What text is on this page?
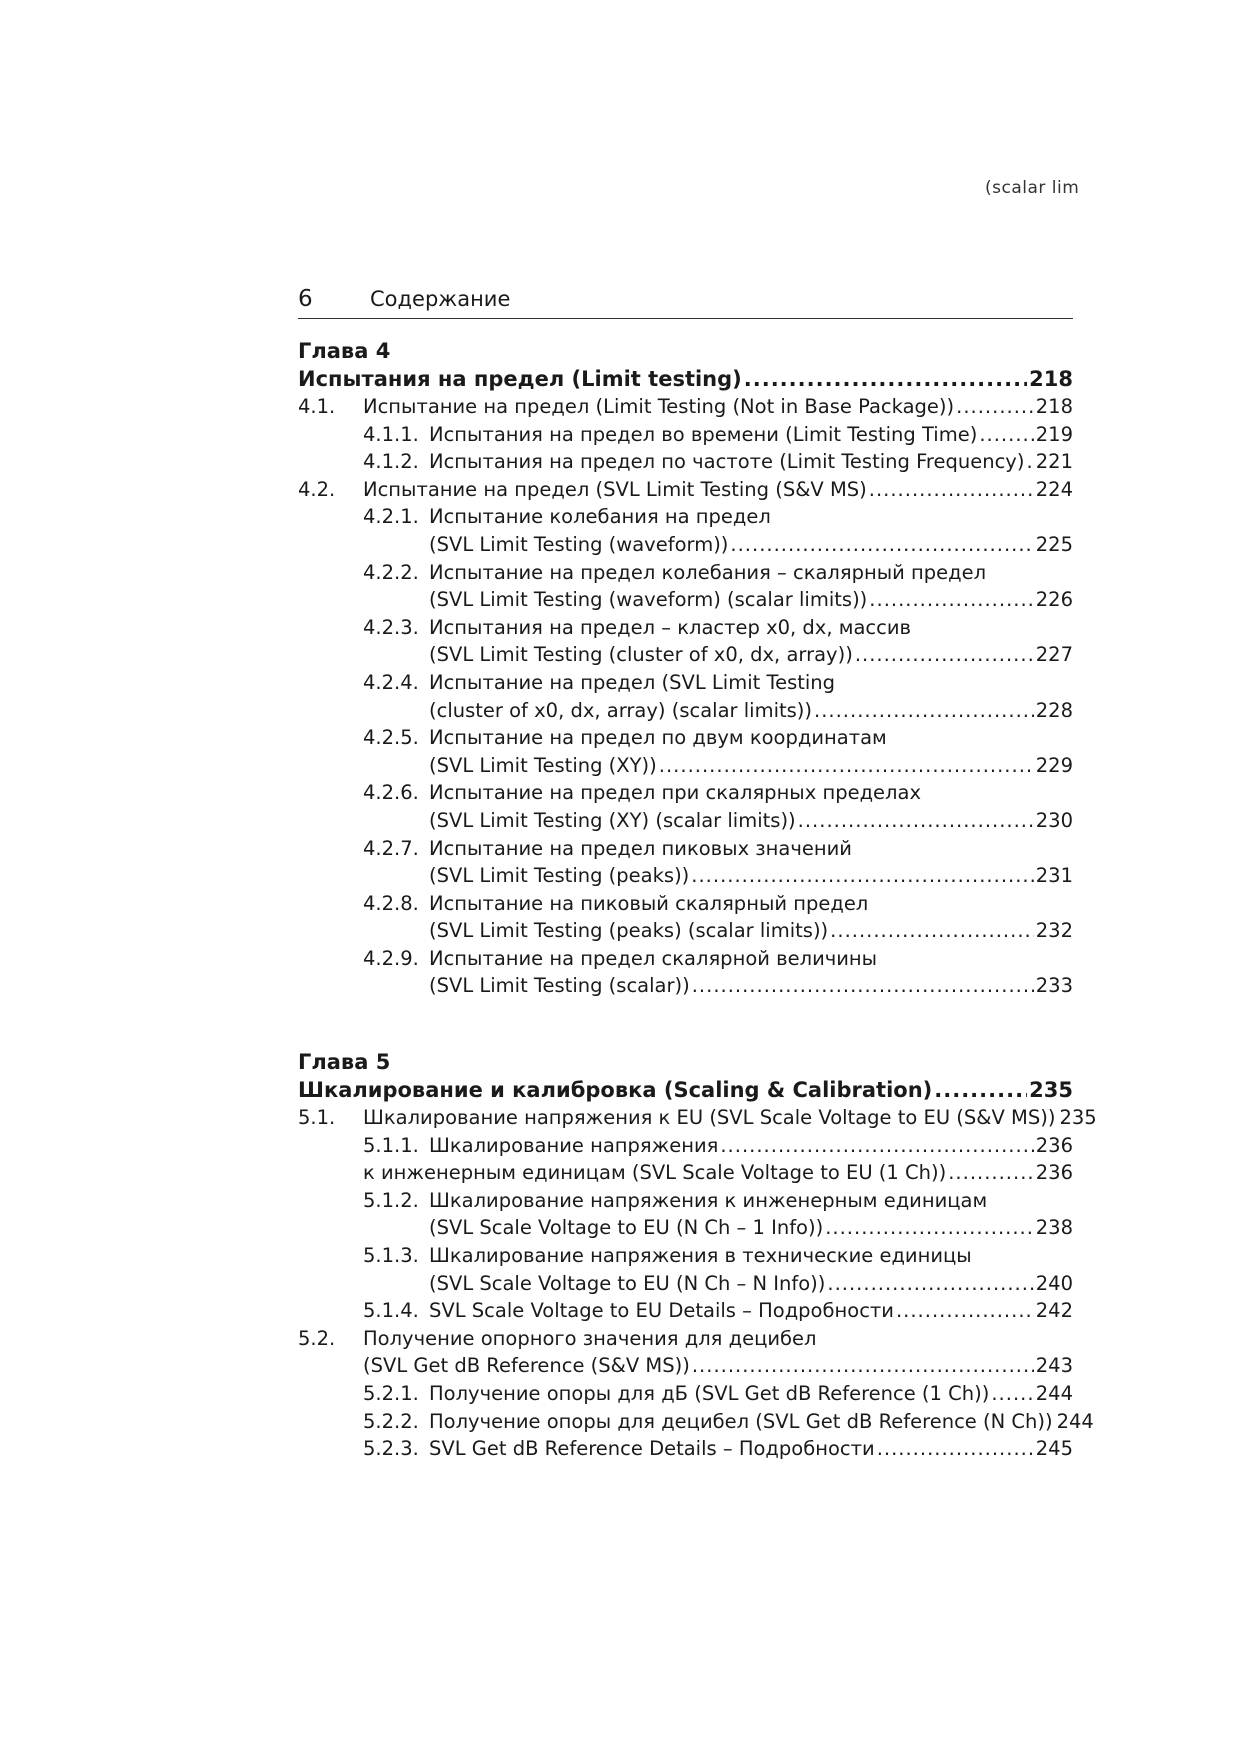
(scalar lim
6	Содержание
Глава 4
Испытания на предел (Limit testing) .....	218
4.1.	Испытание на предел (Limit Testing (Not in Base Package)) .....	218
4.1.1. Испытания на предел во времени (Limit Testing Time) .....	219
4.1.2. Испытания на предел по частоте (Limit Testing Frequency) ..... 221
4.2.	Испытание на предел (SVL Limit Testing (S&V MS) .....	224
4.2.1. Испытание колебания на предел
(SVL Limit Testing (waveform)) .....	225
4.2.2. Испытание на предел колебания – скалярный предел
(SVL Limit Testing (waveform) (scalar limits)) .....	226
4.2.3. Испытания на предел – кластер x0, dx, массив
(SVL Limit Testing (cluster of x0, dx, array)) .....	227
4.2.4. Испытание на предел (SVL Limit Testing
(cluster of x0, dx, array) (scalar limits)) .....	228
4.2.5. Испытание на предел по двум координатам
(SVL Limit Testing (XY)) .....	229
4.2.6. Испытание на предел при скалярных пределах
(SVL Limit Testing (XY) (scalar limits)) .....	230
4.2.7. Испытание на предел пиковых значений
(SVL Limit Testing (peaks)) .....	231
4.2.8. Испытание на пиковый скалярный предел
(SVL Limit Testing (peaks) (scalar limits)) .....	232
4.2.9. Испытание на предел скалярной величины
(SVL Limit Testing (scalar)) .....	233
Глава 5
Шкалирование и калибровка (Scaling & Calibration) .....	235
5.1.	Шкалирование напряжения к EU (SVL Scale Voltage to EU (S&V MS)) 235
5.1.1. Шкалирование напряжения .....	236
к инженерным единицам (SVL Scale Voltage to EU (1 Ch)) .....	236
5.1.2. Шкалирование напряжения к инженерным единицам
(SVL Scale Voltage to EU (N Ch – 1 Info)) .....	238
5.1.3. Шкалирование напряжения в технические единицы
(SVL Scale Voltage to EU (N Ch – N Info)) .....	240
5.1.4. SVL Scale Voltage to EU Details – Подробности .....	242
5.2.	Получение опорного значения для децибел
(SVL Get dB Reference (S&V MS)) .....	243
5.2.1. Получение опоры для дБ (SVL Get dB Reference (1 Ch)) ..... 244
5.2.2. Получение опоры для децибел (SVL Get dB Reference (N Ch)) 244
5.2.3. SVL Get dB Reference Details – Подробности .....	245
